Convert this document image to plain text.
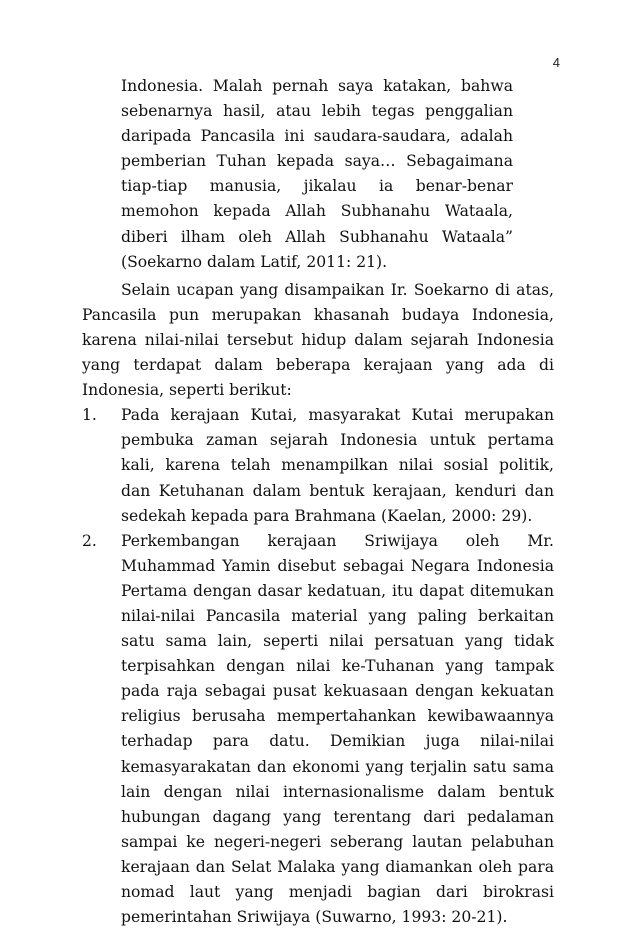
4

Indonesia. Malah pernah saya katakan, bahwa sebenarnya hasil, atau lebih tegas penggalian daripada Pancasila ini saudara-saudara, adalah pemberian Tuhan kepada saya… Sebagaimana tiap-tiap manusia, jikalau ia benar-benar memohon kepada Allah Subhanahu Wataala, diberi ilham oleh Allah Subhanahu Wataala” (Soekarno dalam Latif, 2011: 21).

Selain ucapan yang disampaikan Ir. Soekarno di atas, Pancasila pun merupakan khasanah budaya Indonesia, karena nilai-nilai tersebut hidup dalam sejarah Indonesia yang terdapat dalam beberapa kerajaan yang ada di Indonesia, seperti berikut:

1. Pada kerajaan Kutai, masyarakat Kutai merupakan pembuka zaman sejarah Indonesia untuk pertama kali, karena telah menampilkan nilai sosial politik, dan Ketuhanan dalam bentuk kerajaan, kenduri dan sedekah kepada para Brahmana (Kaelan, 2000: 29).
2. Perkembangan kerajaan Sriwijaya oleh Mr. Muhammad Yamin disebut sebagai Negara Indonesia Pertama dengan dasar kedatuan, itu dapat ditemukan nilai-nilai Pancasila material yang paling berkaitan satu sama lain, seperti nilai persatuan yang tidak terpisahkan dengan nilai ke-Tuhanan yang tampak pada raja sebagai pusat kekuasaan dengan kekuatan religius berusaha mempertahankan kewibawaannya terhadap para datu. Demikian juga nilai-nilai kemasyarakatan dan ekonomi yang terjalin satu sama lain dengan nilai internasionalisme dalam bentuk hubungan dagang yang terentang dari pedalaman sampai ke negeri-negeri seberang lautan pelabuhan kerajaan dan Selat Malaka yang diamankan oleh para nomad laut yang menjadi bagian dari birokrasi pemerintahan Sriwijaya (Suwarno, 1993: 20-21).
